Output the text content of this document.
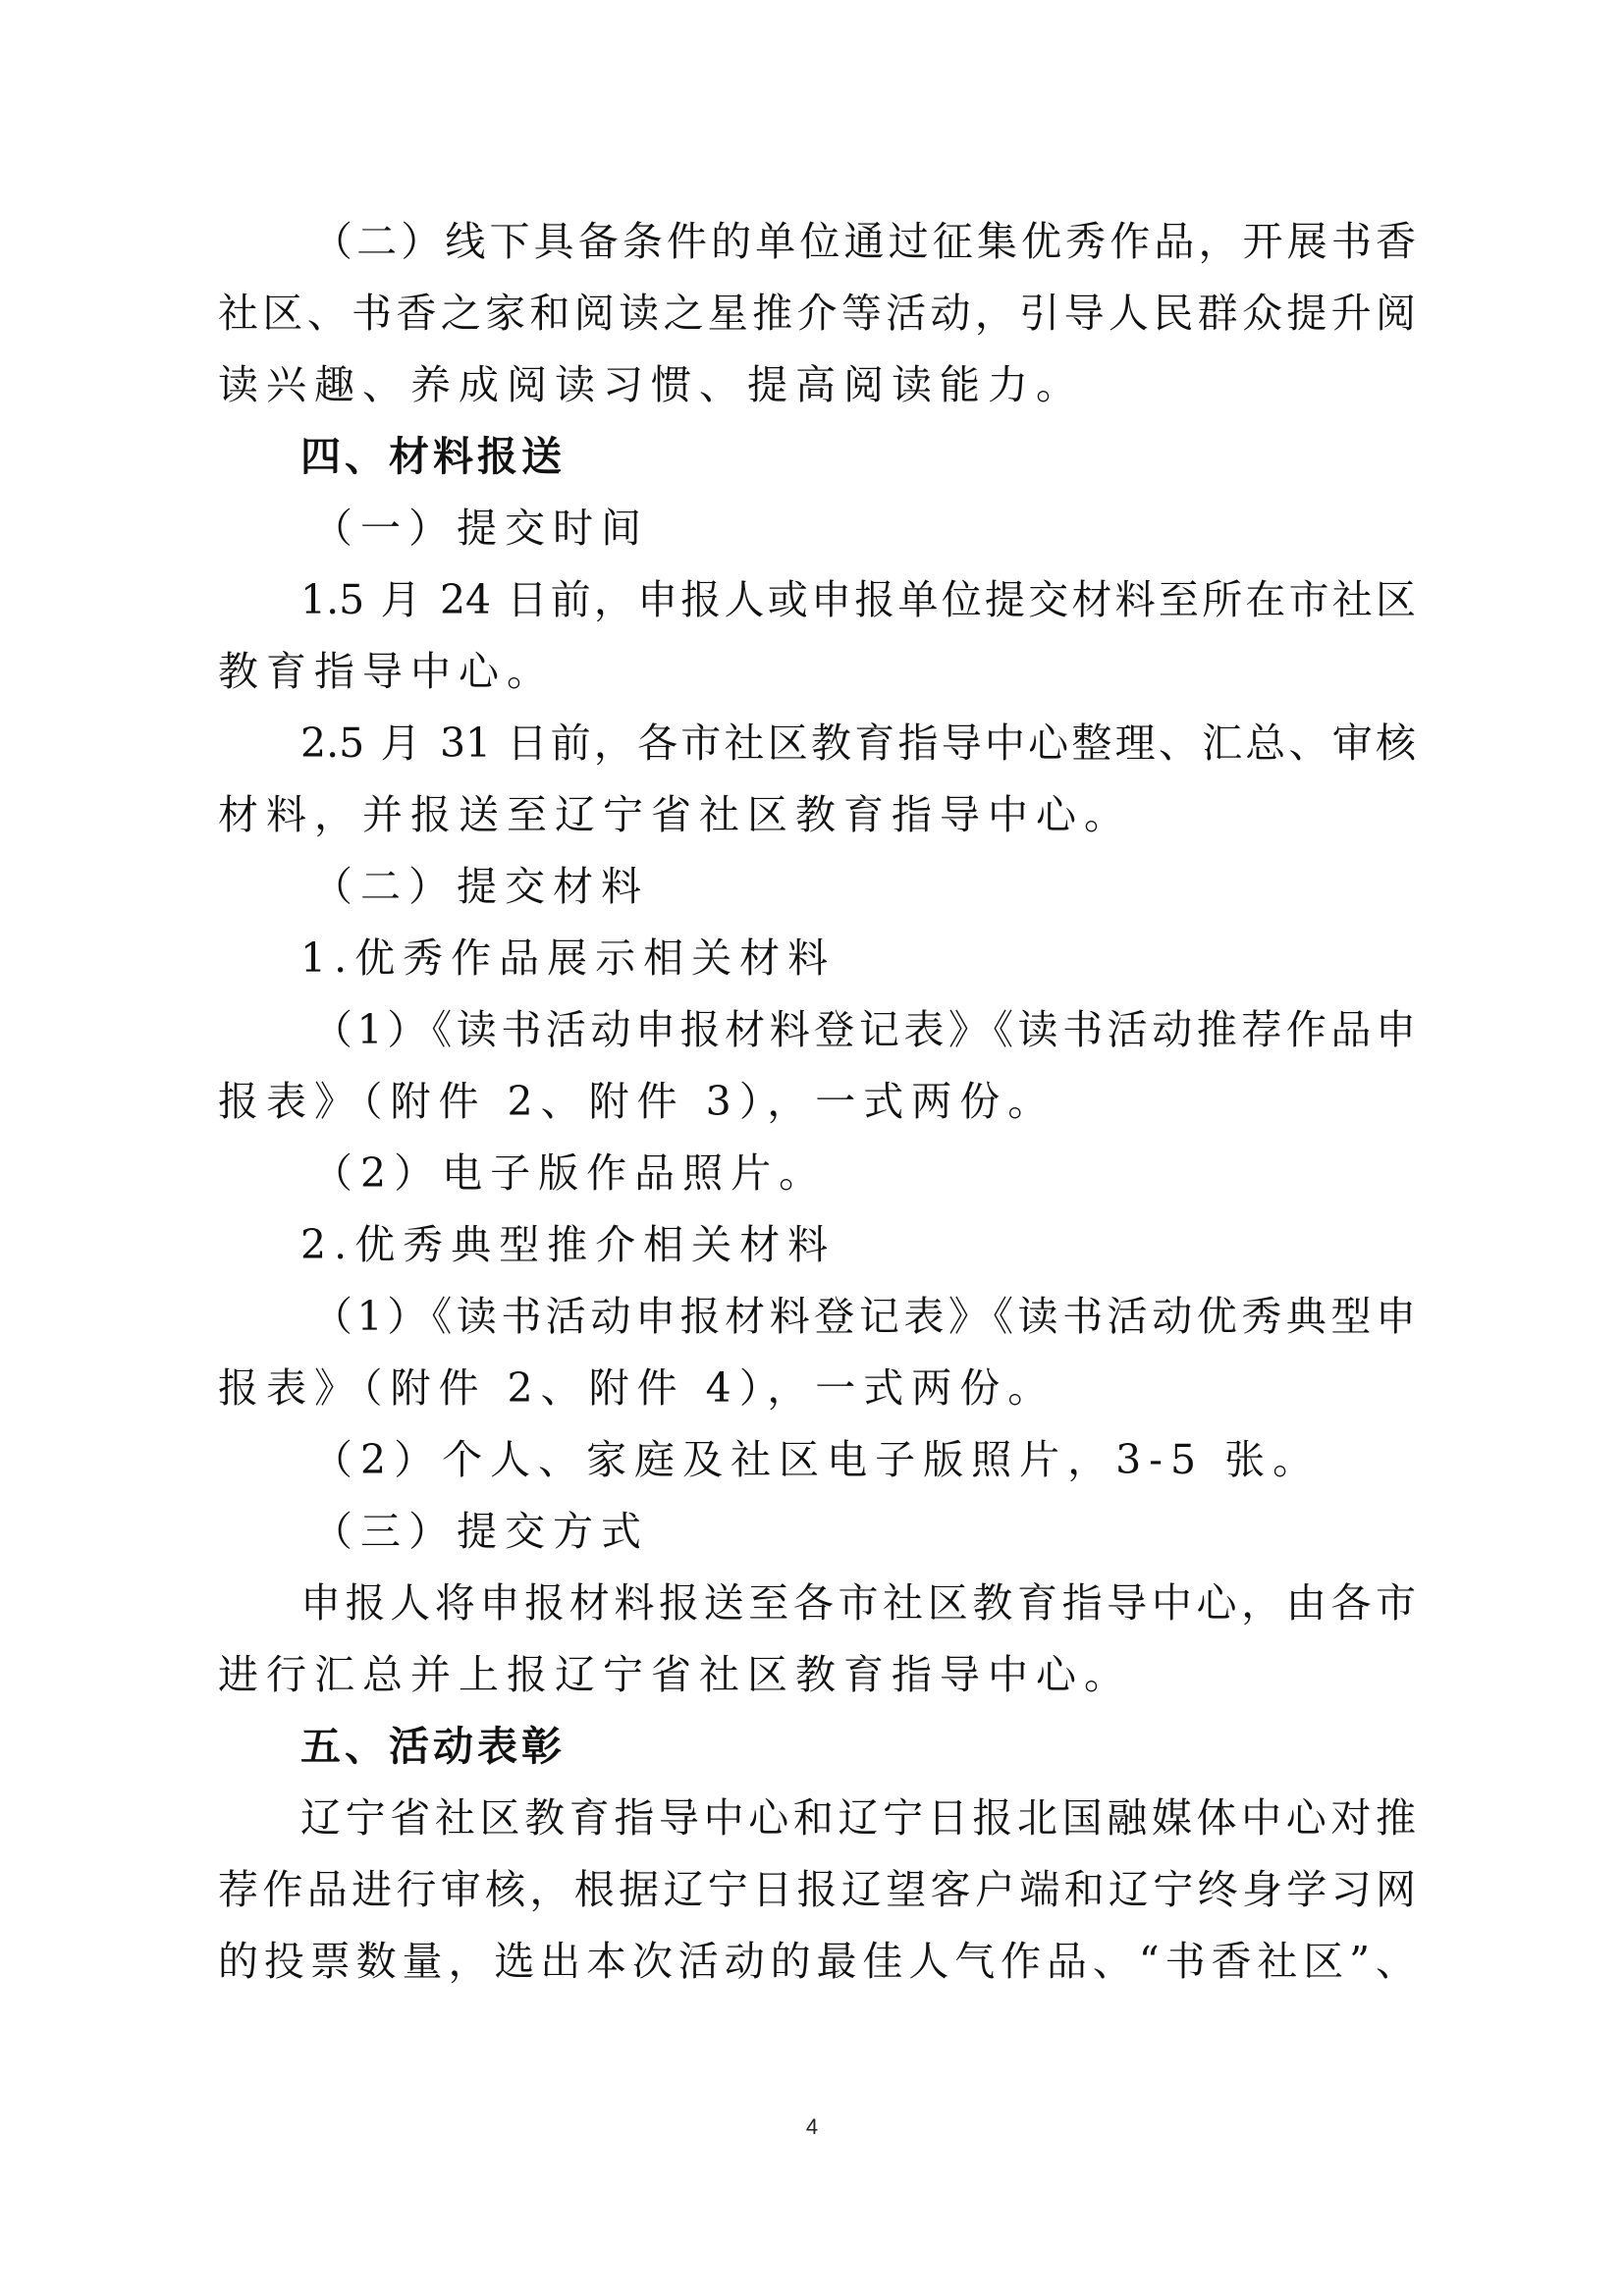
（二）线下具备条件的单位通过征集优秀作品，开展书香
社区、书香之家和阅读之星推介等活动，引导人民群众提升阅
读兴趣、养成阅读习惯、提高阅读能力。
四、材料报送
（一）提交时间
1.5 月 24 日前，申报人或申报单位提交材料至所在市社区
教育指导中心。
2.5 月 31 日前，各市社区教育指导中心整理、汇总、审核
材料，并报送至辽宁省社区教育指导中心。
（二）提交材料
1.优秀作品展示相关材料
（1）《读书活动申报材料登记表》《读书活动推荐作品申
报表》（附件 2、附件 3），一式两份。
（2）电子版作品照片。
2.优秀典型推介相关材料
（1）《读书活动申报材料登记表》《读书活动优秀典型申
报表》（附件 2、附件 4），一式两份。
（2）个人、家庭及社区电子版照片，3-5 张。
（三）提交方式
申报人将申报材料报送至各市社区教育指导中心，由各市
进行汇总并上报辽宁省社区教育指导中心。
五、活动表彰
辽宁省社区教育指导中心和辽宁日报北国融媒体中心对推
荐作品进行审核，根据辽宁日报辽望客户端和辽宁终身学习网
的投票数量，选出本次活动的最佳人气作品、“书香社区”、
4
